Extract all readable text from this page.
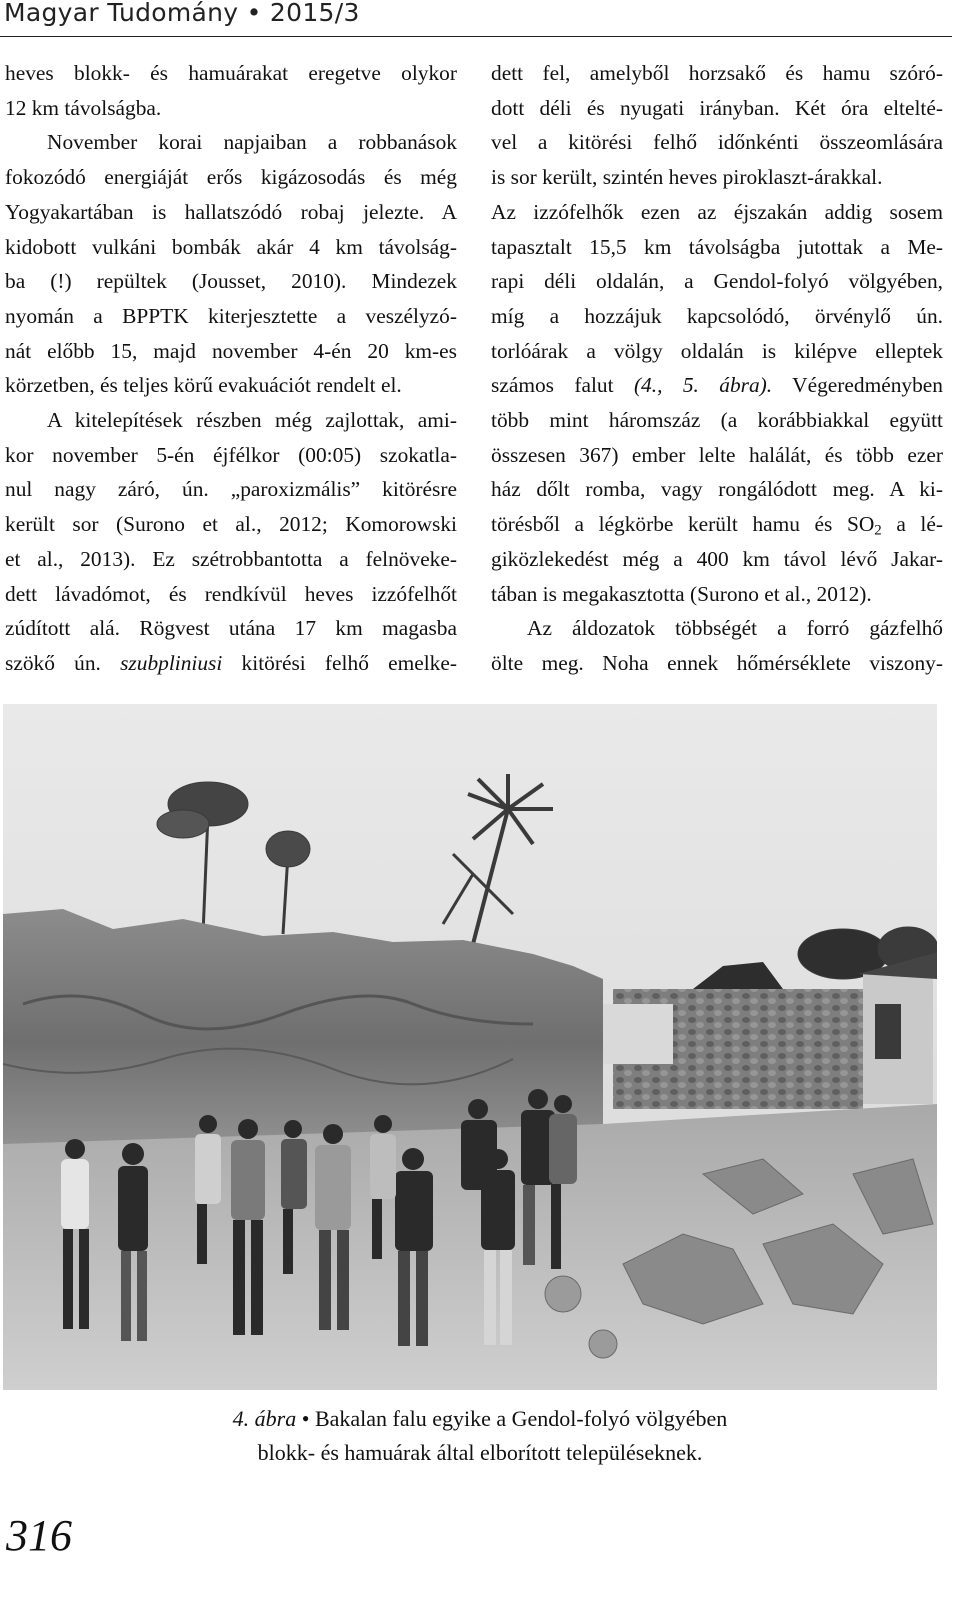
Magyar Tudomány • 2015/3
heves blokk- és hamuárakat eregetve olykor
12 km távolságba.
November korai napjaiban a robbanások
fokozódó energiáját erős kigázosodás és még
Yogyakartában is hallatszódó robaj jelezte. A
kidobott vulkáni bombák akár 4 km távolság-
ba (!) repültek (Jousset, 2010). Mindezek
nyomán a BPPTK kiterjesztette a veszélyzó-
nát előbb 15, majd november 4-én 20 km-es
körzetben, és teljes körű evakuációt rendelt el.
A kitelepítések részben még zajlottak, ami-
kor november 5-én éjfélkor (00:05) szokatla-
nul nagy záró, ún. „paroxizmális” kitörésre
került sor (Surono et al., 2012; Komorowski
et al., 2013). Ez szétrobbantotta a felnöveke-
dett lávadómot, és rendkívül heves izzófelhőt
zúdított alá. Rögvest utána 17 km magasba
szökő ún. szubpliniusi kitörési felhő emelke-
dett fel, amelyből horzsakő és hamu szóró-
dott déli és nyugati irányban. Két óra eltelté-
vel a kitörési felhő időnkénti összeomlására
is sor került, szintén heves piroklaszt-árakkal.
Az izzófelhők ezen az éjszakán addig sosem
tapasztalt 15,5 km távolságba jutottak a Me-
rapi déli oldalán, a Gendol-folyó völgyében,
míg a hozzájuk kapcsolódó, örvénylő ún.
torlóárak a völgy oldalán is kilépve elleptek
számos falut (4., 5. ábra). Végeredményben
több mint háromszáz (a korábbiakkal együtt
összesen 367) ember lelte halálát, és több ezer
ház dőlt romba, vagy rongálódott meg. A ki-
törésből a légkörbe került hamu és $SO_2$ a lé-
giközlekedést még a 400 km távol lévő Jakar-
tában is megakasztotta (Surono et al., 2012).
Az áldozatok többségét a forró gázfelhő
ölte meg. Noha ennek hőmérséklete viszony-
4. ábra • Bakalan falu egyike a Gendol-folyó völgyében
blokk- és hamuárak által elborított településeknek.
316
